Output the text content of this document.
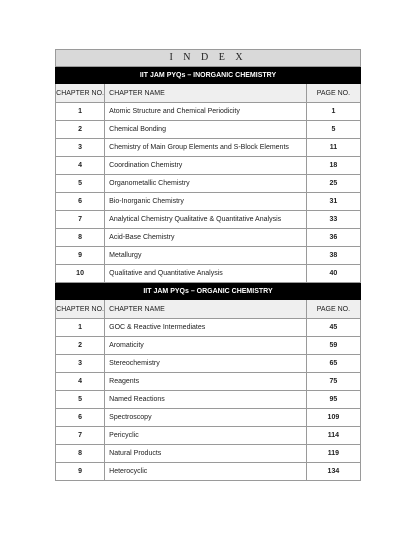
I N D E X		
IIT JAM PYQs – INORGANIC CHEMISTRY		
CHAPTER NO.	CHAPTER NAME	PAGE NO.
1	Atomic Structure and Chemical Periodicity	1
2	Chemical Bonding	5
3	Chemistry of Main Group Elements and S-Block Elements	11
4	Coordination Chemistry	18
5	Organometallic Chemistry	25
6	Bio-Inorganic Chemistry	31
7	Analytical Chemistry Qualitative & Quantitative Analysis	33
8	Acid-Base Chemistry	36
9	Metallurgy	38
10	Qualitative and Quantitative Analysis	40
IIT JAM PYQs – ORGANIC CHEMISTRY		
CHAPTER NO.	CHAPTER NAME	PAGE NO.
1	GOC & Reactive Intermediates	45
2	Aromaticity	59
3	Stereochemistry	65
4	Reagents	75
5	Named Reactions	95
6	Spectroscopy	109
7	Pericyclic	114
8	Natural Products	119
9	Heterocyclic	134
